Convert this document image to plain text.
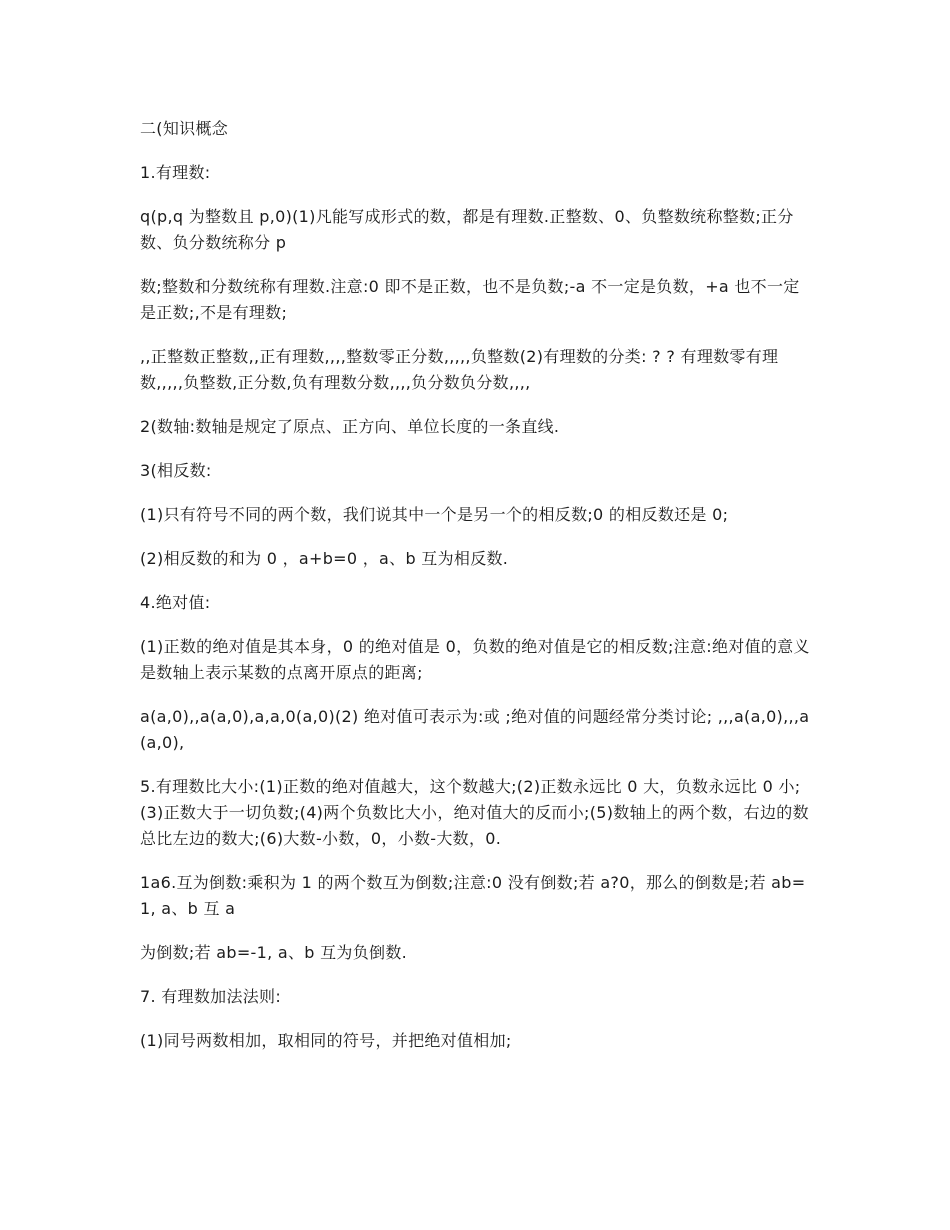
二(知识概念

1.有理数:

q(p,q 为整数且 p,0)(1)凡能写成形式的数，都是有理数.正整数、0、负整数统称整数;正分数、负分数统称分 p

数;整数和分数统称有理数.注意:0 即不是正数，也不是负数;-a 不一定是负数，+a 也不一定是正数;,不是有理数;

,,正整数正整数,,正有理数,,,,整数零正分数,,,,,负整数(2)有理数的分类: ? ? 有理数零有理数,,,,,负整数,正分数,负有理数分数,,,,负分数负分数,,,,

2(数轴:数轴是规定了原点、正方向、单位长度的一条直线.

3(相反数:

(1)只有符号不同的两个数，我们说其中一个是另一个的相反数;0 的相反数还是 0;

(2)相反数的和为 0 ，a+b=0 ，a、b 互为相反数.

4.绝对值:

(1)正数的绝对值是其本身，0 的绝对值是 0，负数的绝对值是它的相反数;注意:绝对值的意义是数轴上表示某数的点离开原点的距离;

a(a,0),,a(a,0),a,a,0(a,0)(2) 绝对值可表示为:或 ;绝对值的问题经常分类讨论; ,,,a(a,0),,,a(a,0),

5.有理数比大小:(1)正数的绝对值越大，这个数越大;(2)正数永远比 0 大，负数永远比 0 小;(3)正数大于一切负数;(4)两个负数比大小，绝对值大的反而小;(5)数轴上的两个数，右边的数总比左边的数大;(6)大数-小数，0，小数-大数，0.

1a6.互为倒数:乘积为 1 的两个数互为倒数;注意:0 没有倒数;若 a?0，那么的倒数是;若 ab=1, a、b 互 a

为倒数;若 ab=-1, a、b 互为负倒数.

7. 有理数加法法则:

(1)同号两数相加，取相同的符号，并把绝对值相加;
